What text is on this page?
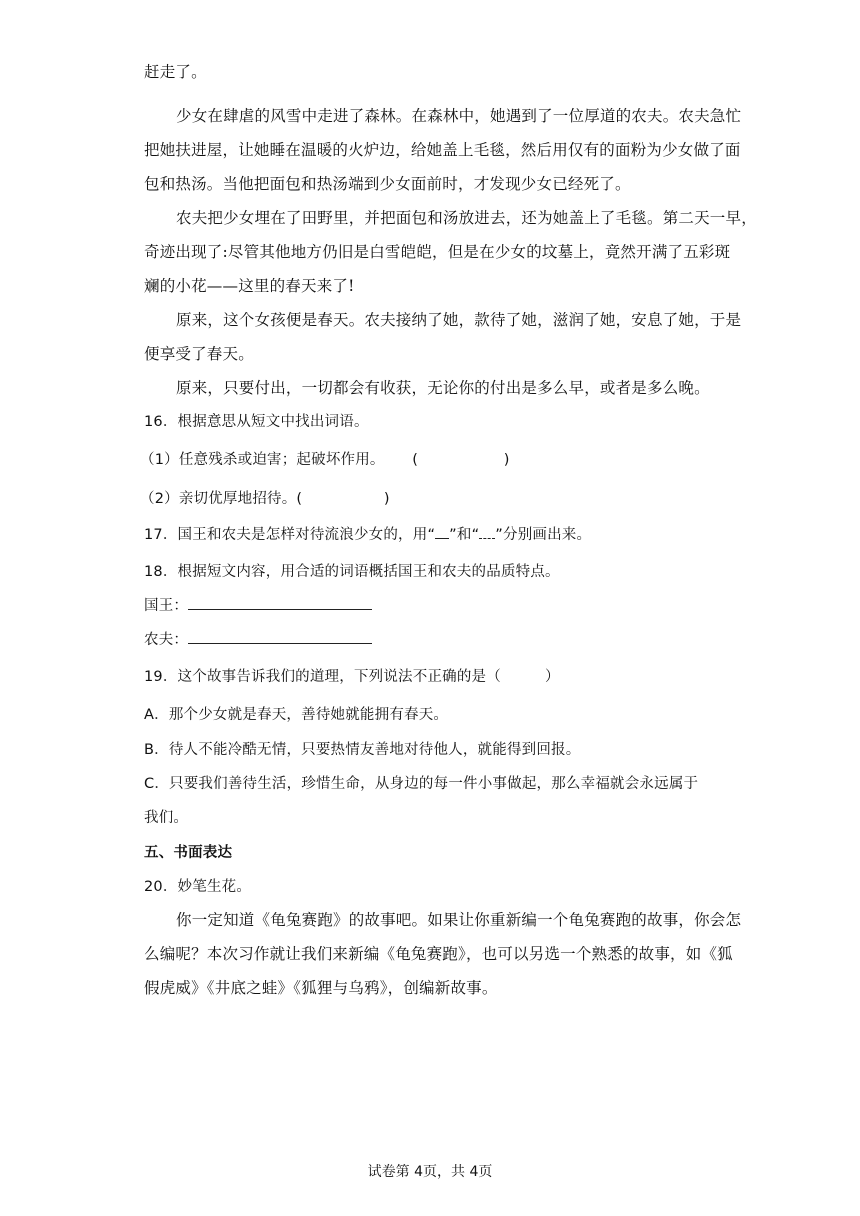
赶走了。
少女在肆虐的风雪中走进了森林。在森林中，她遇到了一位厚道的农夫。农夫急忙
把她扶进屋，让她睡在温暖的火炉边，给她盖上毛毯，然后用仅有的面粉为少女做了面
包和热汤。当他把面包和热汤端到少女面前时，才发现少女已经死了。
农夫把少女埋在了田野里，并把面包和汤放进去，还为她盖上了毛毯。第二天一早，
奇迹出现了:尽管其他地方仍旧是白雪皑皑，但是在少女的坟墓上，竟然开满了五彩斑
斓的小花——这里的春天来了!
原来，这个女孩便是春天。农夫接纳了她，款待了她，滋润了她，安息了她，于是
便享受了春天。
原来，只要付出，一切都会有收获，无论你的付出是多么早，或者是多么晚。
16．根据意思从短文中找出词语。
（1）任意残杀或迫害；起破坏作用。 (	)
（2）亲切优厚地招待。(	)
17．国王和农夫是怎样对待流浪少女的，用“ ”和“ ”分别画出来。
18．根据短文内容，用合适的词语概括国王和农夫的品质特点。
国王：
农夫：
19．这个故事告诉我们的道理，下列说法不正确的是（	）
A．那个少女就是春天，善待她就能拥有春天。
B．待人不能冷酷无情，只要热情友善地对待他人，就能得到回报。
C．只要我们善待生活，珍惜生命，从身边的每一件小事做起，那么幸福就会永远属于
我们。
五、书面表达
20．妙笔生花。
你一定知道《龟兔赛跑》的故事吧。如果让你重新编一个龟兔赛跑的故事，你会怎
么编呢？本次习作就让我们来新编《龟兔赛跑》，也可以另选一个熟悉的故事，如《狐
假虎威》《井底之蛙》《狐狸与乌鸦》，创编新故事。
试卷第 4页，共 4页
